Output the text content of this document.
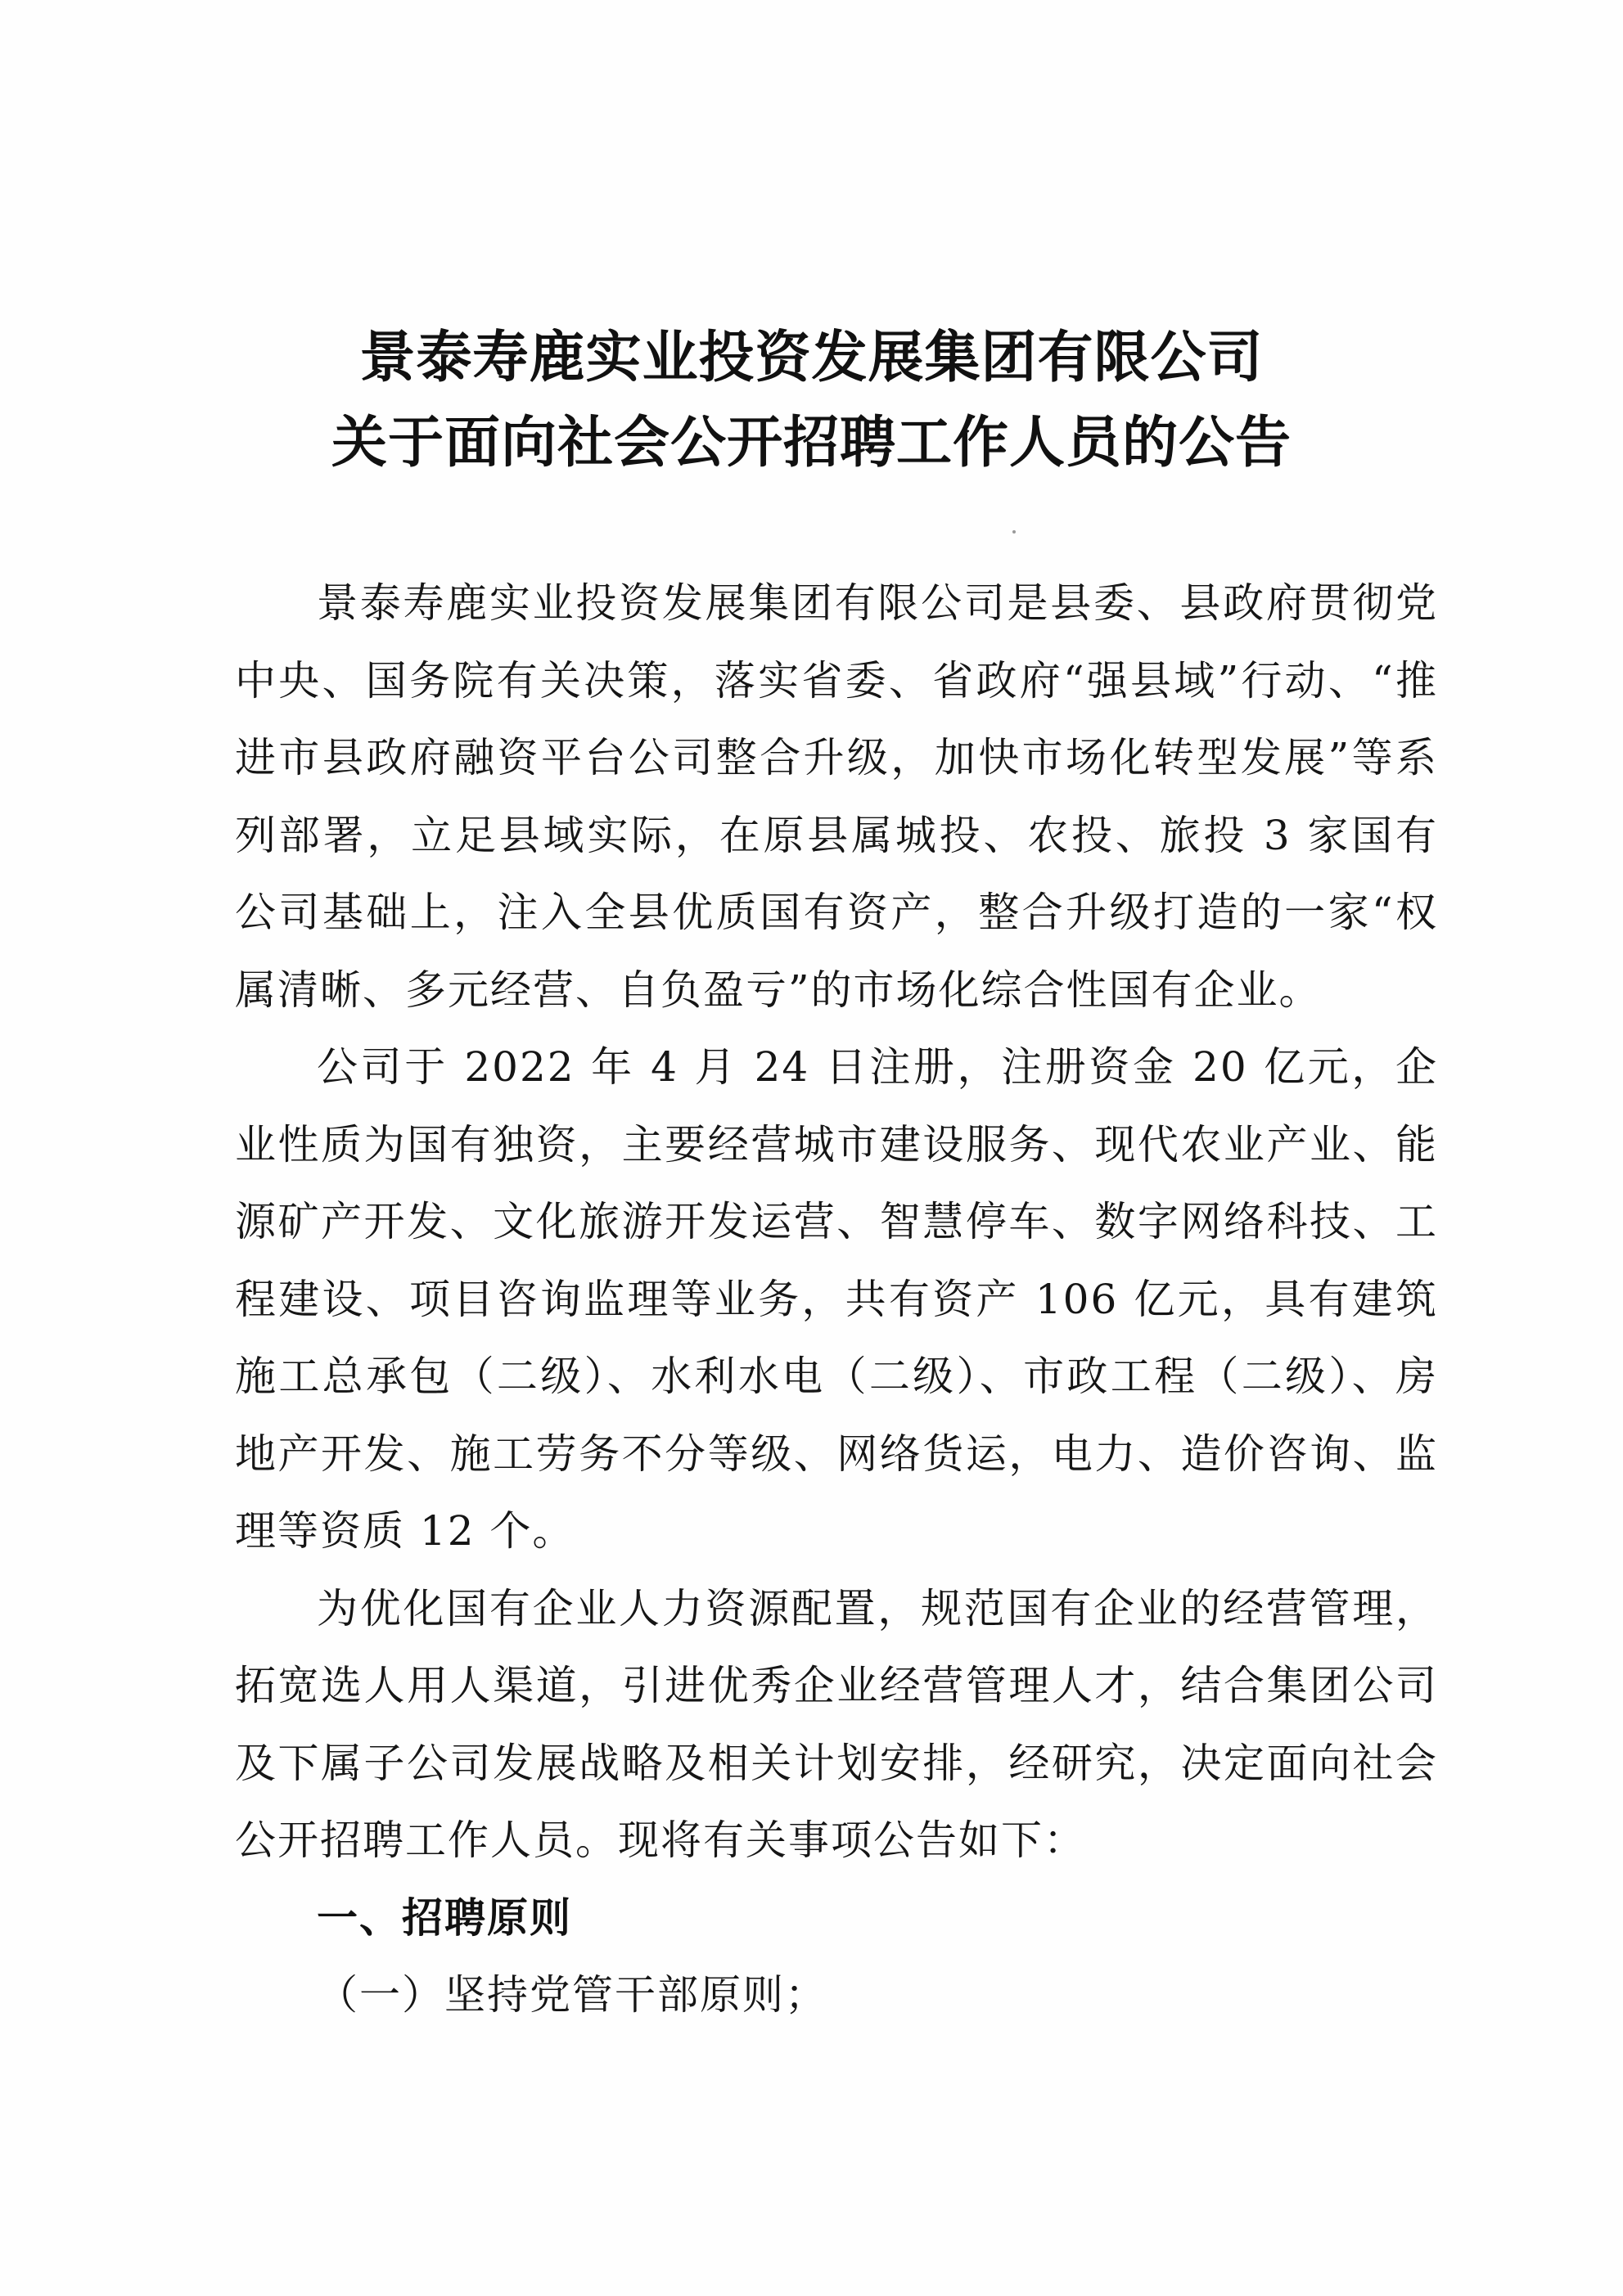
景泰寿鹿实业投资发展集团有限公司
关于面向社会公开招聘工作人员的公告

景泰寿鹿实业投资发展集团有限公司是县委、县政府贯彻党中央、国务院有关决策，落实省委、省政府“强县域”行动、“推进市县政府融资平台公司整合升级，加快市场化转型发展”等系列部署，立足县域实际，在原县属城投、农投、旅投 3 家国有公司基础上，注入全县优质国有资产，整合升级打造的一家“权属清晰、多元经营、自负盈亏”的市场化综合性国有企业。

公司于 2022 年 4 月 24 日注册，注册资金 20 亿元，企业性质为国有独资，主要经营城市建设服务、现代农业产业、能源矿产开发、文化旅游开发运营、智慧停车、数字网络科技、工程建设、项目咨询监理等业务，共有资产 106 亿元，具有建筑施工总承包（二级）、水利水电（二级）、市政工程（二级）、房地产开发、施工劳务不分等级、网络货运，电力、造价咨询、监理等资质 12 个。

为优化国有企业人力资源配置，规范国有企业的经营管理，拓宽选人用人渠道，引进优秀企业经营管理人才，结合集团公司及下属子公司发展战略及相关计划安排，经研究，决定面向社会公开招聘工作人员。现将有关事项公告如下：

一、招聘原则

（一）坚持党管干部原则；
